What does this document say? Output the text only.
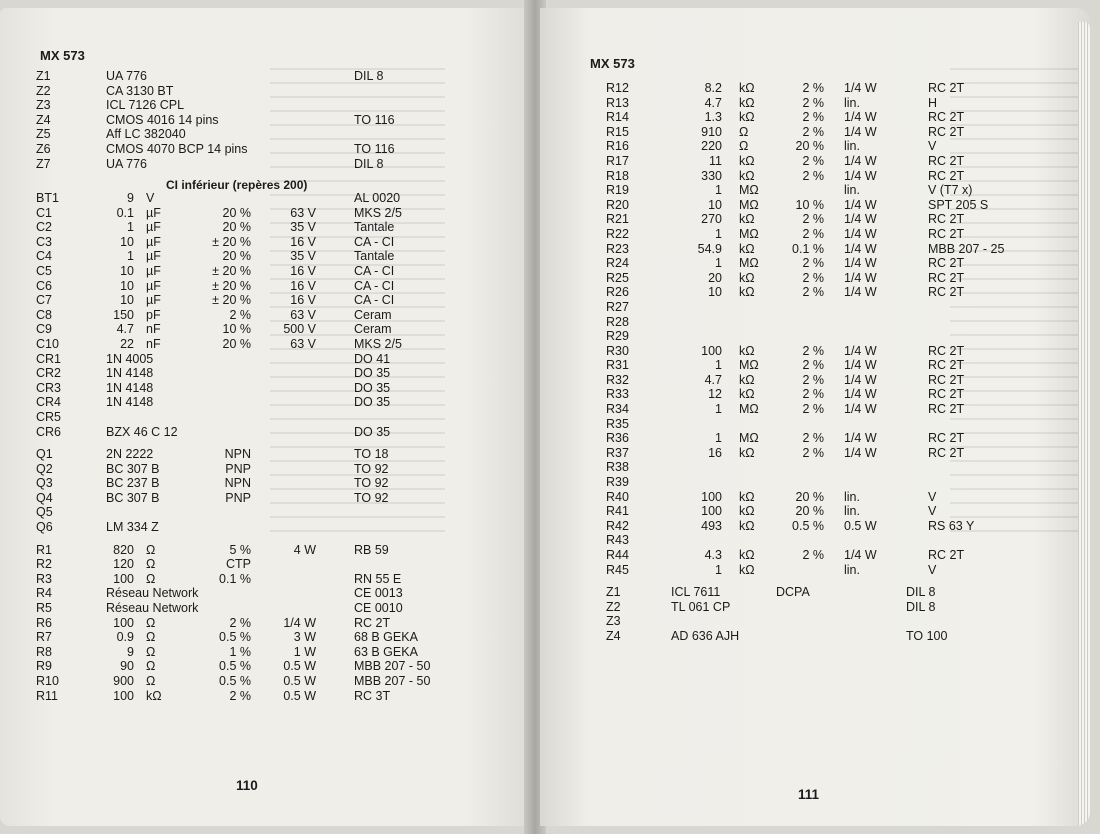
MX 573
Z1	UA 776	DIL 8
Z2	CA 3130 BT
Z3	ICL 7126 CPL
Z4	CMOS 4016 14 pins	TO 116
Z5	Aff LC 382040
Z6	CMOS 4070 BCP 14 pins	TO 116
Z7	UA 776	DIL 8
CI inférieur (repères 200)
BT1	9 V	AL 0020
C1	0.1 µF	20 %	63 V	MKS 2/5
C2	1 µF	20 %	35 V	Tantale
C3	10 µF	± 20 %	16 V	CA - CI
C4	1 µF	20 %	35 V	Tantale
C5	10 µF	± 20 %	16 V	CA - CI
C6	10 µF	± 20 %	16 V	CA - CI
C7	10 µF	± 20 %	16 V	CA - CI
C8	150 pF	2 %	63 V	Ceram
C9	4.7 nF	10 %	500 V	Ceram
C10	22 nF	20 %	63 V	MKS 2/5
CR1	1N 4005	DO 41
CR2	1N 4148	DO 35
CR3	1N 4148	DO 35
CR4	1N 4148	DO 35
CR5
CR6	BZX 46 C 12	DO 35
Q1	2N 2222	NPN	TO 18
Q2	BC 307 B	PNP	TO 92
Q3	BC 237 B	NPN	TO 92
Q4	BC 307 B	PNP	TO 92
Q5
Q6	LM 334 Z
R1	820 Ω	5 %	4 W	RB 59
R2	120 Ω	CTP
R3	100 Ω	0.1 %	RN 55 E
R4	Réseau Network	CE 0013
R5	Réseau Network	CE 0010
R6	100 Ω	2 %	1/4 W	RC 2T
R7	0.9 Ω	0.5 %	3 W	68 B GEKA
R8	9 Ω	1 %	1 W	63 B GEKA
R9	90 Ω	0.5 %	0.5 W	MBB 207 - 50
R10	900 Ω	0.5 %	0.5 W	MBB 207 - 50
R11	100 kΩ	2 %	0.5 W	RC 3T
110
MX 573
R12	8.2 kΩ	2 % 1/4 W	RC 2T
R13	4.7 kΩ	2 % lin.	H
R14	1.3 kΩ	2 % 1/4 W	RC 2T
R15	910 Ω	2 % 1/4 W	RC 2T
R16	220 Ω	20 % lin.	V
R17	11 kΩ	2 % 1/4 W	RC 2T
R18	330 kΩ	2 % 1/4 W	RC 2T
R19	1 MΩ	lin.	V (T7 x)
R20	10 MΩ	10 % 1/4 W	SPT 205 S
R21	270 kΩ	2 % 1/4 W	RC 2T
R22	1 MΩ	2 % 1/4 W	RC 2T
R23	54.9 kΩ	0.1 % 1/4 W	MBB 207 - 25
R24	1 MΩ	2 % 1/4 W	RC 2T
R25	20 kΩ	2 % 1/4 W	RC 2T
R26	10 kΩ	2 % 1/4 W	RC 2T
R27
R28
R29
R30	100 kΩ	2 % 1/4 W	RC 2T
R31	1 MΩ	2 % 1/4 W	RC 2T
R32	4.7 kΩ	2 % 1/4 W	RC 2T
R33	12 kΩ	2 % 1/4 W	RC 2T
R34	1 MΩ	2 % 1/4 W	RC 2T
R35
R36	1 MΩ	2 % 1/4 W	RC 2T
R37	16 kΩ	2 % 1/4 W	RC 2T
R38
R39
R40	100 kΩ	20 % lin.	V
R41	100 kΩ	20 % lin.	V
R42	493 kΩ	0.5 % 0.5 W	RS 63 Y
R43
R44	4.3 kΩ	2 % 1/4 W	RC 2T
R45	1 kΩ	lin.	V
Z1	ICL 7611	DCPA	DIL 8
Z2	TL 061 CP	DIL 8
Z3
Z4	AD 636 AJH	TO 100
111
